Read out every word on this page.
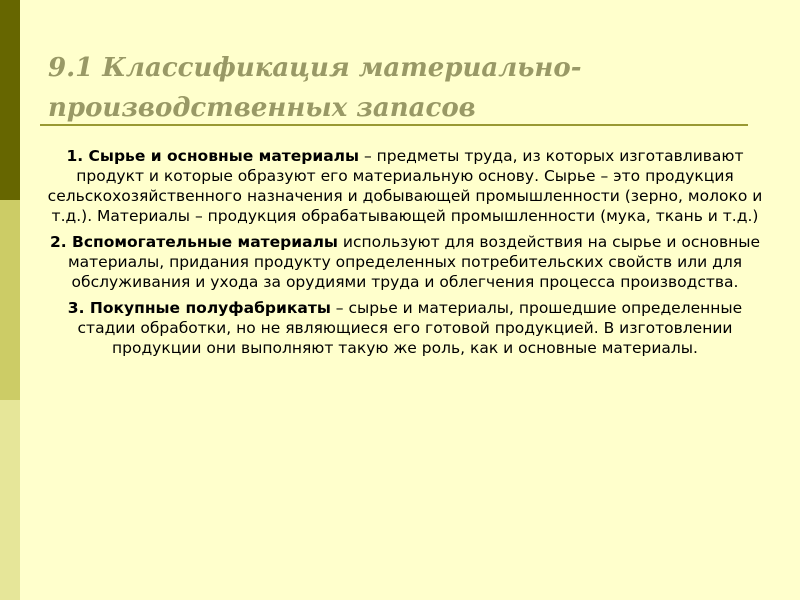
9.1 Классификация материально-производственных запасов

1. Сырье и основные материалы – предметы труда, из которых изготавливают продукт и которые образуют его материальную основу. Сырье – это продукция сельскохозяйственного назначения и добывающей промышленности (зерно, молоко и т.д.). Материалы – продукция обрабатывающей промышленности (мука, ткань и т.д.)

2. Вспомогательные материалы используют для воздействия на сырье и основные материалы, придания продукту определенных потребительских свойств или для обслуживания и ухода за орудиями труда и облегчения процесса производства.

3. Покупные полуфабрикаты – сырье и материалы, прошедшие определенные стадии обработки, но не являющиеся его готовой продукцией. В изготовлении продукции они выполняют такую же роль, как и основные материалы.
